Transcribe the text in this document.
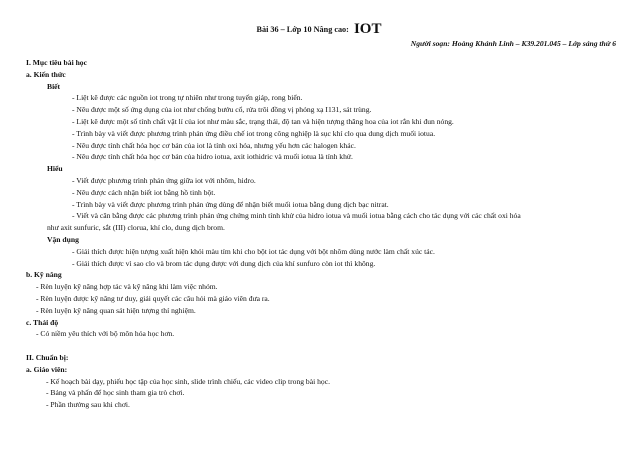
Bài 36 – Lớp 10 Nâng cao: IOT
Người soạn: Hoàng Khánh Linh – K39.201.045 – Lớp sáng thứ 6
I. Mục tiêu bài học
a. Kiến thức
Biết
- Liệt kê được các nguồn iot trong tự nhiên như trong tuyến giáp, rong biển.
- Nêu được một số ứng dụng của iot như chống bướu cổ, rửa trôi đồng vị phóng xạ I131, sát trùng.
- Liệt kê được một số tính chất vật lí của iot như màu sắc, trạng thái, độ tan và hiện tượng thăng hoa của iot rắn khi đun nóng.
- Trình bày và viết được phương trình phản ứng điều chế iot trong công nghiệp là sục khí clo qua dung dịch muối iotua.
- Nêu được tính chất hóa học cơ bản của iot là tính oxi hóa, nhưng yếu hơn các halogen khác.
- Nêu được tính chất hóa học cơ bản của hidro iotua, axit iothidric và muối iotua là tính khử.
Hiểu
- Viết được phương trình phản ứng giữa iot với nhôm, hidro.
- Nêu được cách nhận biết iot bằng hồ tinh bột.
- Trình bày và viết được phương trình phản ứng dùng để nhận biết muối iotua bằng dung dịch bạc nitrat.
- Viết và cân bằng được các phương trình phản ứng chứng minh tính khử của hidro iotua và muối iotua bằng cách cho tác dụng với các chất oxi hóa
như axit sunfuric, sắt (III) clorua, khí clo, dung dịch brom.
Vận dụng
- Giải thích được hiện tượng xuất hiện khói màu tím khi cho bột iot tác dụng với bột nhôm dùng nước làm chất xúc tác.
- Giải thích được vì sao clo và brom tác dụng được với dung dịch của khí sunfuro còn iot thì không.
b. Kỹ năng
- Rèn luyện kỹ năng hợp tác và kỹ năng khi làm việc nhóm.
- Rèn luyện được kỹ năng tư duy, giải quyết các câu hỏi mà giáo viên đưa ra.
- Rèn luyện kỹ năng quan sát hiện tượng thí nghiệm.
c. Thái độ
- Có niềm yêu thích với bộ môn hóa học hơn.
II. Chuẩn bị:
a. Giáo viên:
- Kế hoạch bài dạy, phiếu học tập của học sinh, slide trình chiếu, các video clip trong bài học.
- Bảng và phấn để học sinh tham gia trò chơi.
- Phần thưởng sau khi chơi.
